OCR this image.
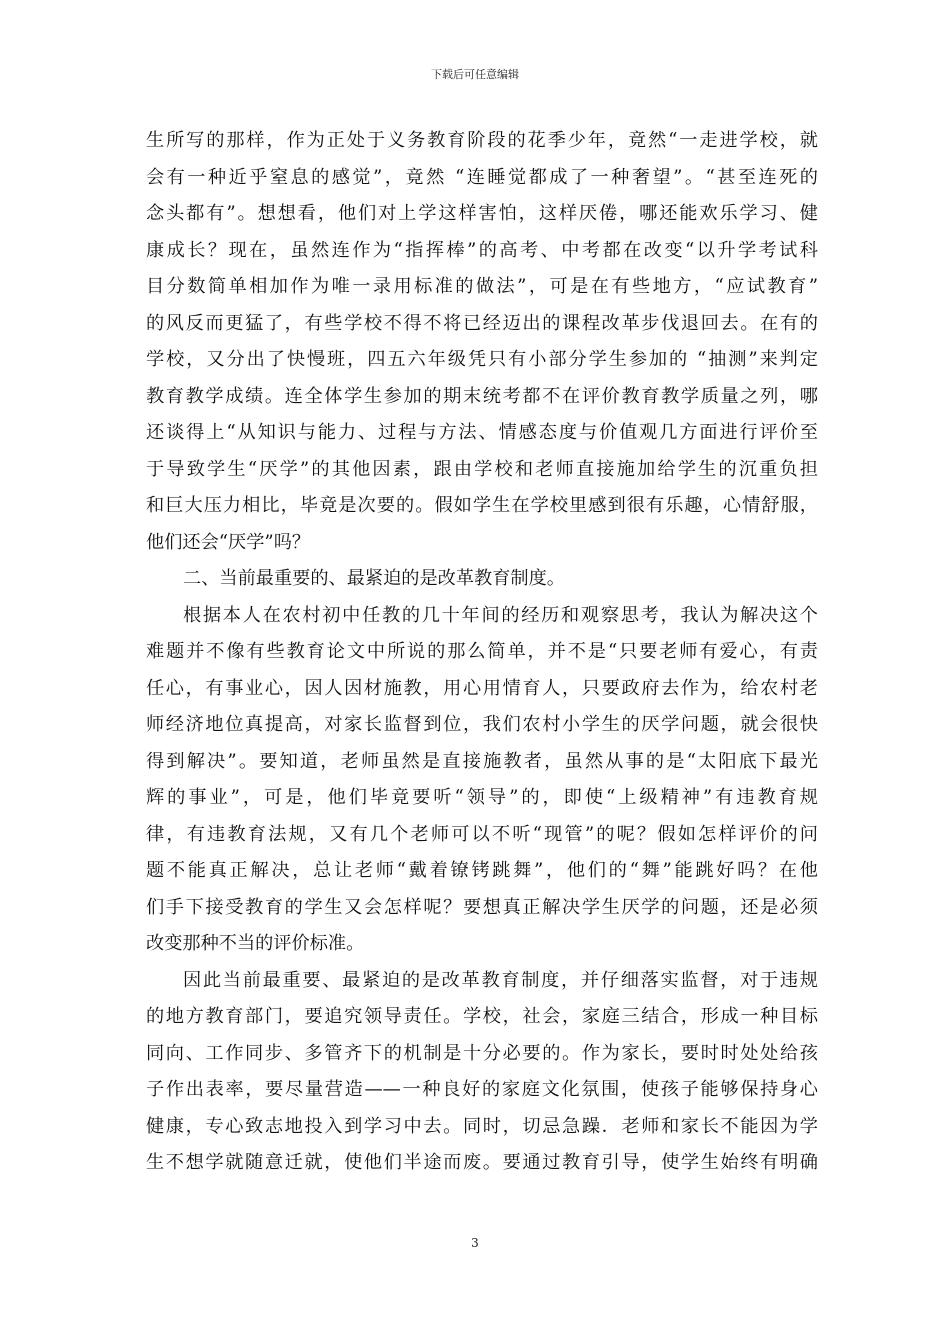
下载后可任意编辑
生所写的那样，作为正处于义务教育阶段的花季少年，竟然“一走进学校，就
会有一种近乎窒息的感觉”，竟然 “连睡觉都成了一种奢望”。“甚至连死的
念头都有”。想想看，他们对上学这样害怕，这样厌倦，哪还能欢乐学习、健
康成长？现在，虽然连作为“指挥棒”的高考、中考都在改变“以升学考试科
目分数简单相加作为唯一录用标准的做法”，可是在有些地方，“应试教育”
的风反而更猛了，有些学校不得不将已经迈出的课程改革步伐退回去。在有的
学校，又分出了快慢班，四五六年级凭只有小部分学生参加的 “抽测”来判定
教育教学成绩。连全体学生参加的期末统考都不在评价教育教学质量之列，哪
还谈得上“从知识与能力、过程与方法、情感态度与价值观几方面进行评价至
于导致学生“厌学”的其他因素，跟由学校和老师直接施加给学生的沉重负担
和巨大压力相比，毕竟是次要的。假如学生在学校里感到很有乐趣，心情舒服，
他们还会“厌学”吗？
二、当前最重要的、最紧迫的是改革教育制度。
根据本人在农村初中任教的几十年间的经历和观察思考，我认为解决这个
难题并不像有些教育论文中所说的那么简单，并不是“只要老师有爱心，有责
任心，有事业心，因人因材施教，用心用情育人，只要政府去作为，给农村老
师经济地位真提高，对家长监督到位，我们农村小学生的厌学问题，就会很快
得到解决”。要知道，老师虽然是直接施教者，虽然从事的是“太阳底下最光
辉的事业”，可是，他们毕竟要听“领导”的，即使“上级精神”有违教育规
律，有违教育法规，又有几个老师可以不听“现管”的呢？假如怎样评价的问
题不能真正解决，总让老师“戴着镣铐跳舞”，他们的“舞”能跳好吗？在他
们手下接受教育的学生又会怎样呢？要想真正解决学生厌学的问题，还是必须
改变那种不当的评价标准。
因此当前最重要、最紧迫的是改革教育制度，并仔细落实监督，对于违规
的地方教育部门，要追究领导责任。学校，社会，家庭三结合，形成一种目标
同向、工作同步、多管齐下的机制是十分必要的。作为家长，要时时处处给孩
子作出表率，要尽量营造——一种良好的家庭文化氛围，使孩子能够保持身心
健康，专心致志地投入到学习中去。同时，切忌急躁．老师和家长不能因为学
生不想学就随意迁就，使他们半途而废。要通过教育引导，使学生始终有明确
3
